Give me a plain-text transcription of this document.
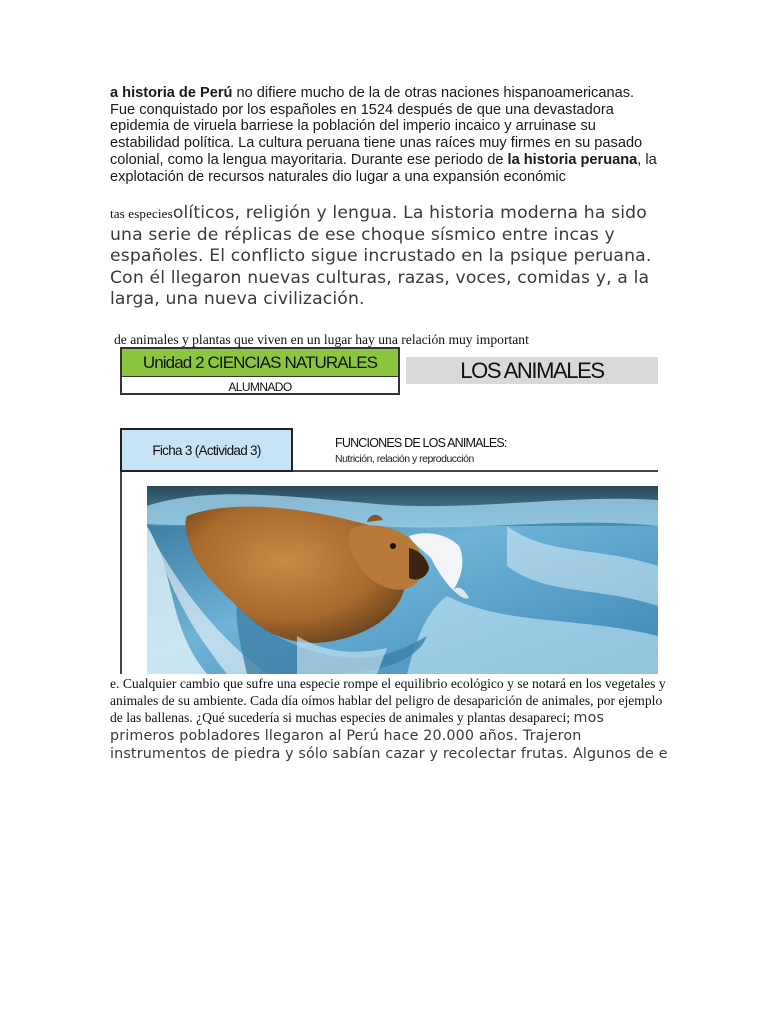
a historia de Perú no difiere mucho de la de otras naciones hispanoamericanas. Fue conquistado por los españoles en 1524 después de que una devastadora epidemia de viruela barriese la población del imperio incaico y arruinase su estabilidad política. La cultura peruana tiene unas raíces muy firmes en su pasado colonial, como la lengua mayoritaria. Durante ese periodo de la historia peruana, la explotación de recursos naturales dio lugar a una expansión económic
tas especiesolíticos, religión y lengua. La historia moderna ha sido una serie de réplicas de ese choque sísmico entre incas y españoles. El conflicto sigue incrustado en la psique peruana. Con él llegaron nuevas culturas, razas, voces, comidas y, a la larga, una nueva civilización.
de animales y plantas que viven en un lugar hay una relación muy important
Unidad 2 CIENCIAS NATURALES
ALUMNADO
LOS ANIMALES
Ficha 3 (Actividad 3)	FUNCIONES DE LOS ANIMALES:
Nutrición, relación y reproducción
e. Cualquier cambio que sufre una especie rompe el equilibrio ecológico y se notará en los vegetales y animales de su ambiente. Cada día oímos hablar del peligro de desaparición de animales, por ejemplo de las ballenas. ¿Qué sucedería si muchas especies de animales y plantas desapareci; mos primeros pobladores llegaron al Perú hace 20.000 años. Trajeron instrumentos de piedra y sólo sabían cazar y recolectar frutas. Algunos de e
